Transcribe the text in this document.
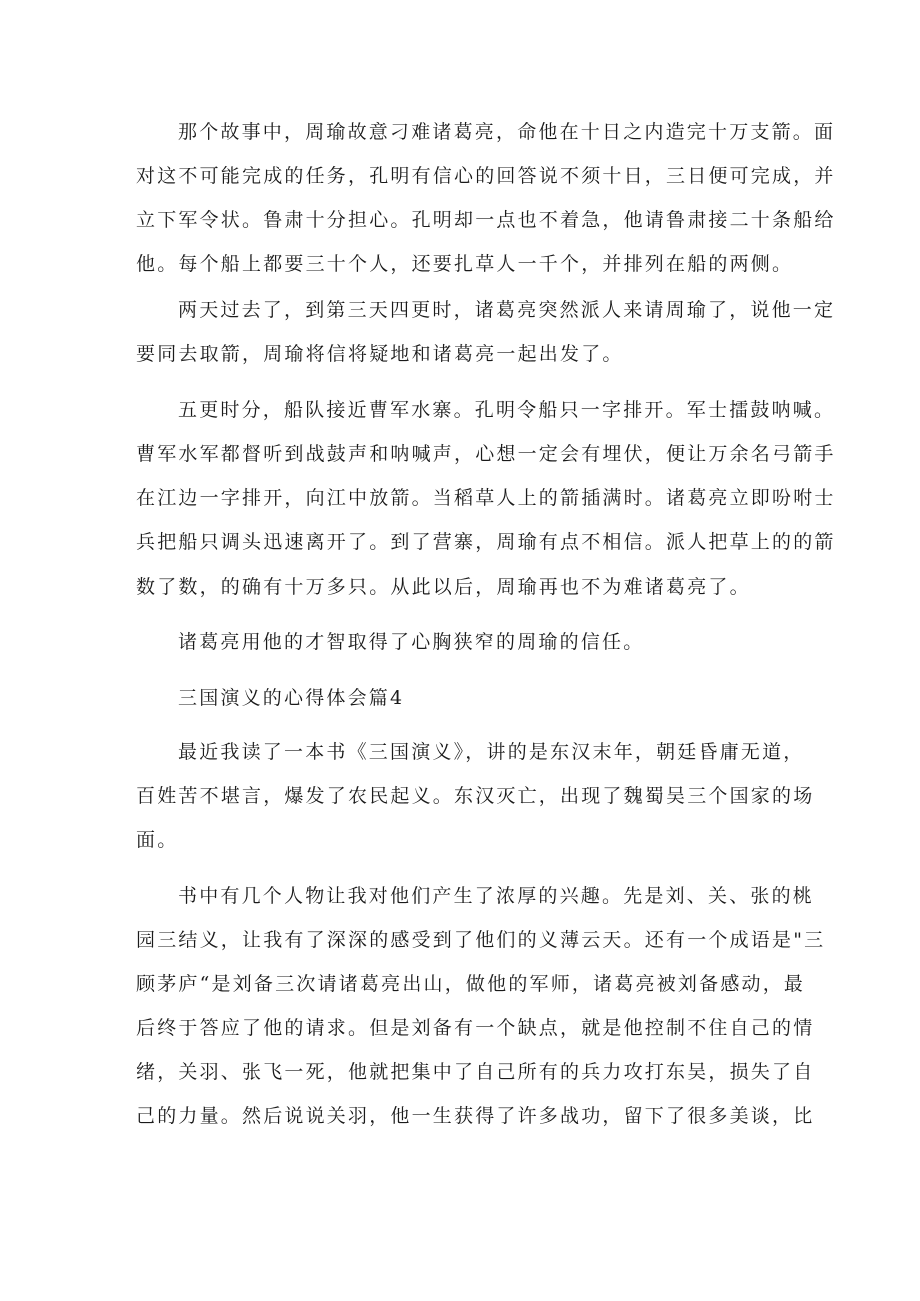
那个故事中，周瑜故意刁难诸葛亮，命他在十日之内造完十万支箭。面
对这不可能完成的任务，孔明有信心的回答说不须十日，三日便可完成，并
立下军令状。鲁肃十分担心。孔明却一点也不着急，他请鲁肃接二十条船给
他。每个船上都要三十个人，还要扎草人一千个，并排列在船的两侧。
两天过去了，到第三天四更时，诸葛亮突然派人来请周瑜了，说他一定
要同去取箭，周瑜将信将疑地和诸葛亮一起出发了。
五更时分，船队接近曹军水寨。孔明令船只一字排开。军士擂鼓呐喊。
曹军水军都督听到战鼓声和呐喊声，心想一定会有埋伏，便让万余名弓箭手
在江边一字排开，向江中放箭。当稻草人上的箭插满时。诸葛亮立即吩咐士
兵把船只调头迅速离开了。到了营寨，周瑜有点不相信。派人把草上的的箭
数了数，的确有十万多只。从此以后，周瑜再也不为难诸葛亮了。
诸葛亮用他的才智取得了心胸狭窄的周瑜的信任。
三国演义的心得体会篇4
最近我读了一本书《三国演义》，讲的是东汉末年，朝廷昏庸无道，
百姓苦不堪言，爆发了农民起义。东汉灭亡，出现了魏蜀吴三个国家的场
面。
书中有几个人物让我对他们产生了浓厚的兴趣。先是刘、关、张的桃
园三结义，让我有了深深的感受到了他们的义薄云天。还有一个成语是"三
顾茅庐“是刘备三次请诸葛亮出山，做他的军师，诸葛亮被刘备感动，最
后终于答应了他的请求。但是刘备有一个缺点，就是他控制不住自己的情
绪，关羽、张飞一死，他就把集中了自己所有的兵力攻打东吴，损失了自
己的力量。然后说说关羽，他一生获得了许多战功，留下了很多美谈，比
